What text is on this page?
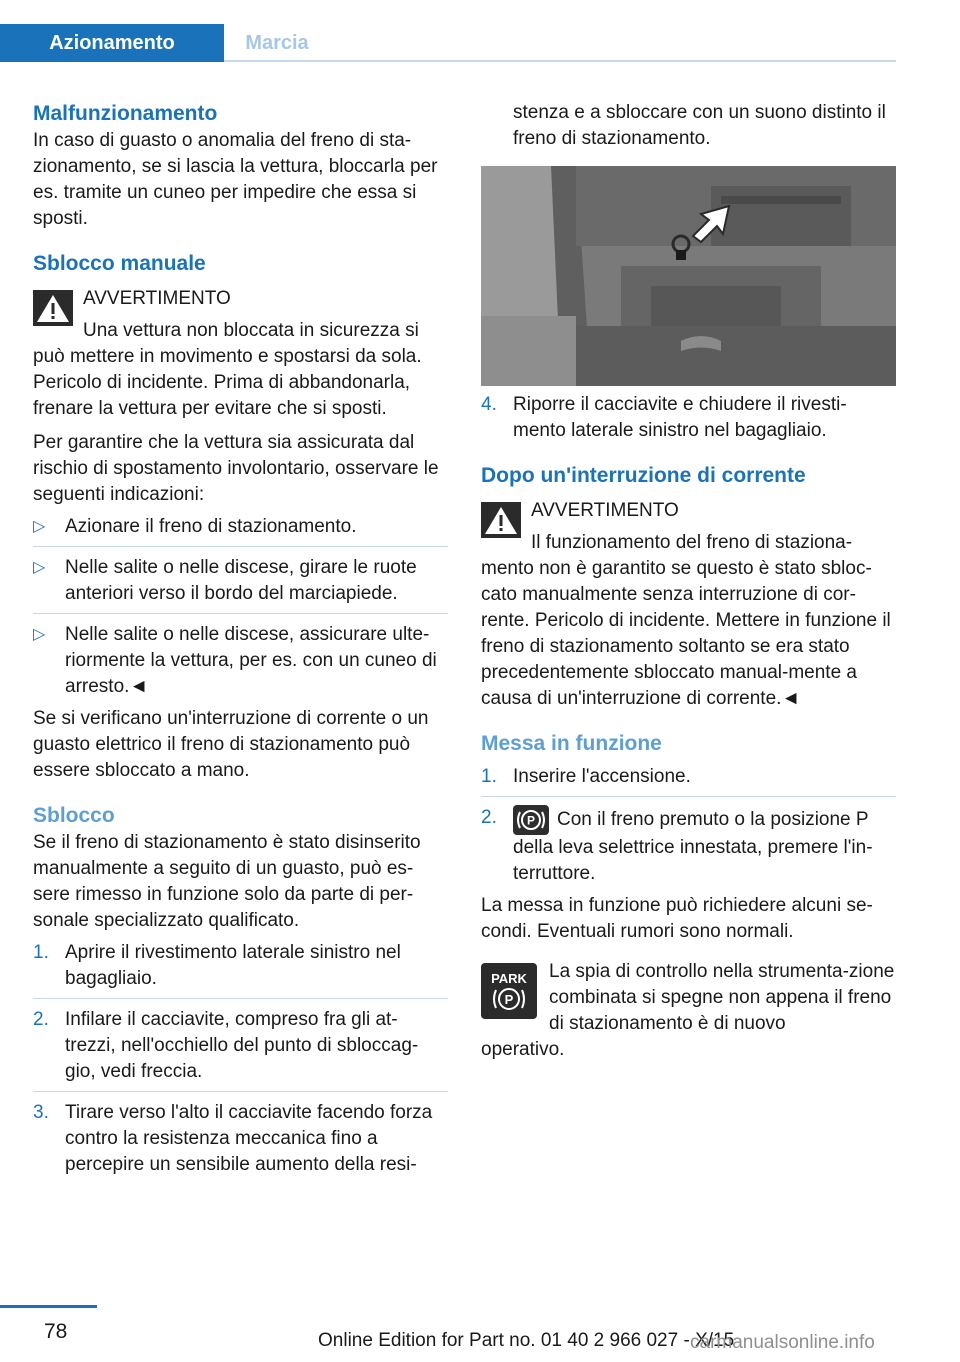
Azionamento	Marcia
Malfunzionamento

In caso di guasto o anomalia del freno di sta-zionamento, se si lascia la vettura, bloccarla per es. tramite un cuneo per impedire che essa si sposti.

Sblocco manuale
AVVERTIMENTO
Una vettura non bloccata in sicurezza si

può mettere in movimento e spostarsi da sola. Pericolo di incidente. Prima di abbandonarla, frenare la vettura per evitare che si sposti.

Per garantire che la vettura sia assicurata dal rischio di spostamento involontario, osservare le seguenti indicazioni:

▷	Azionare il freno di stazionamento.
▷	Nelle salite o nelle discese, girare le ruote anteriori verso il bordo del marciapiede.
▷	Nelle salite o nelle discese, assicurare ulte-riormente la vettura, per es. con un cuneo di arresto.◄

Se si verificano un'interruzione di corrente o un guasto elettrico il freno di stazionamento può essere sbloccato a mano.

Sblocco

Se il freno di stazionamento è stato disinserito manualmente a seguito di un guasto, può es-sere rimesso in funzione solo da parte di per-sonale specializzato qualificato.

1. Aprire il rivestimento laterale sinistro nel bagagliaio.
2. Infilare il cacciavite, compreso fra gli at-trezzi, nell'occhiello del punto di sbloccag-gio, vedi freccia.
3. Tirare verso l'alto il cacciavite facendo forza contro la resistenza meccanica fino a percepire un sensibile aumento della resi-
stenza e a sbloccare con un suono distinto il freno di stazionamento.
4. Riporre il cacciavite e chiudere il rivesti-mento laterale sinistro nel bagagliaio.
Dopo un'interruzione di corrente
AVVERTIMENTO
Il funzionamento del freno di staziona-

mento non è garantito se questo è stato sbloc-cato manualmente senza interruzione di cor-rente. Pericolo di incidente. Mettere in funzione il freno di stazionamento soltanto se era stato precedentemente sbloccato manual-mente a causa di un'interruzione di corrente.◄

Messa in funzione
1. Inserire l'accensione.
2.	P Con il freno premuto o la posizione P della leva selettrice innestata, premere l'in-terruttore.

La messa in funzione può richiedere alcuni se-condi. Eventuali rumori sono normali.

PARK
P
La spia di controllo nella strumenta-zione combinata si spegne non appena il freno di stazionamento è di nuovo

operativo.

78	Online Edition for Part no. 01 40 2 966 027 - X/15
carmanualsonline.info
